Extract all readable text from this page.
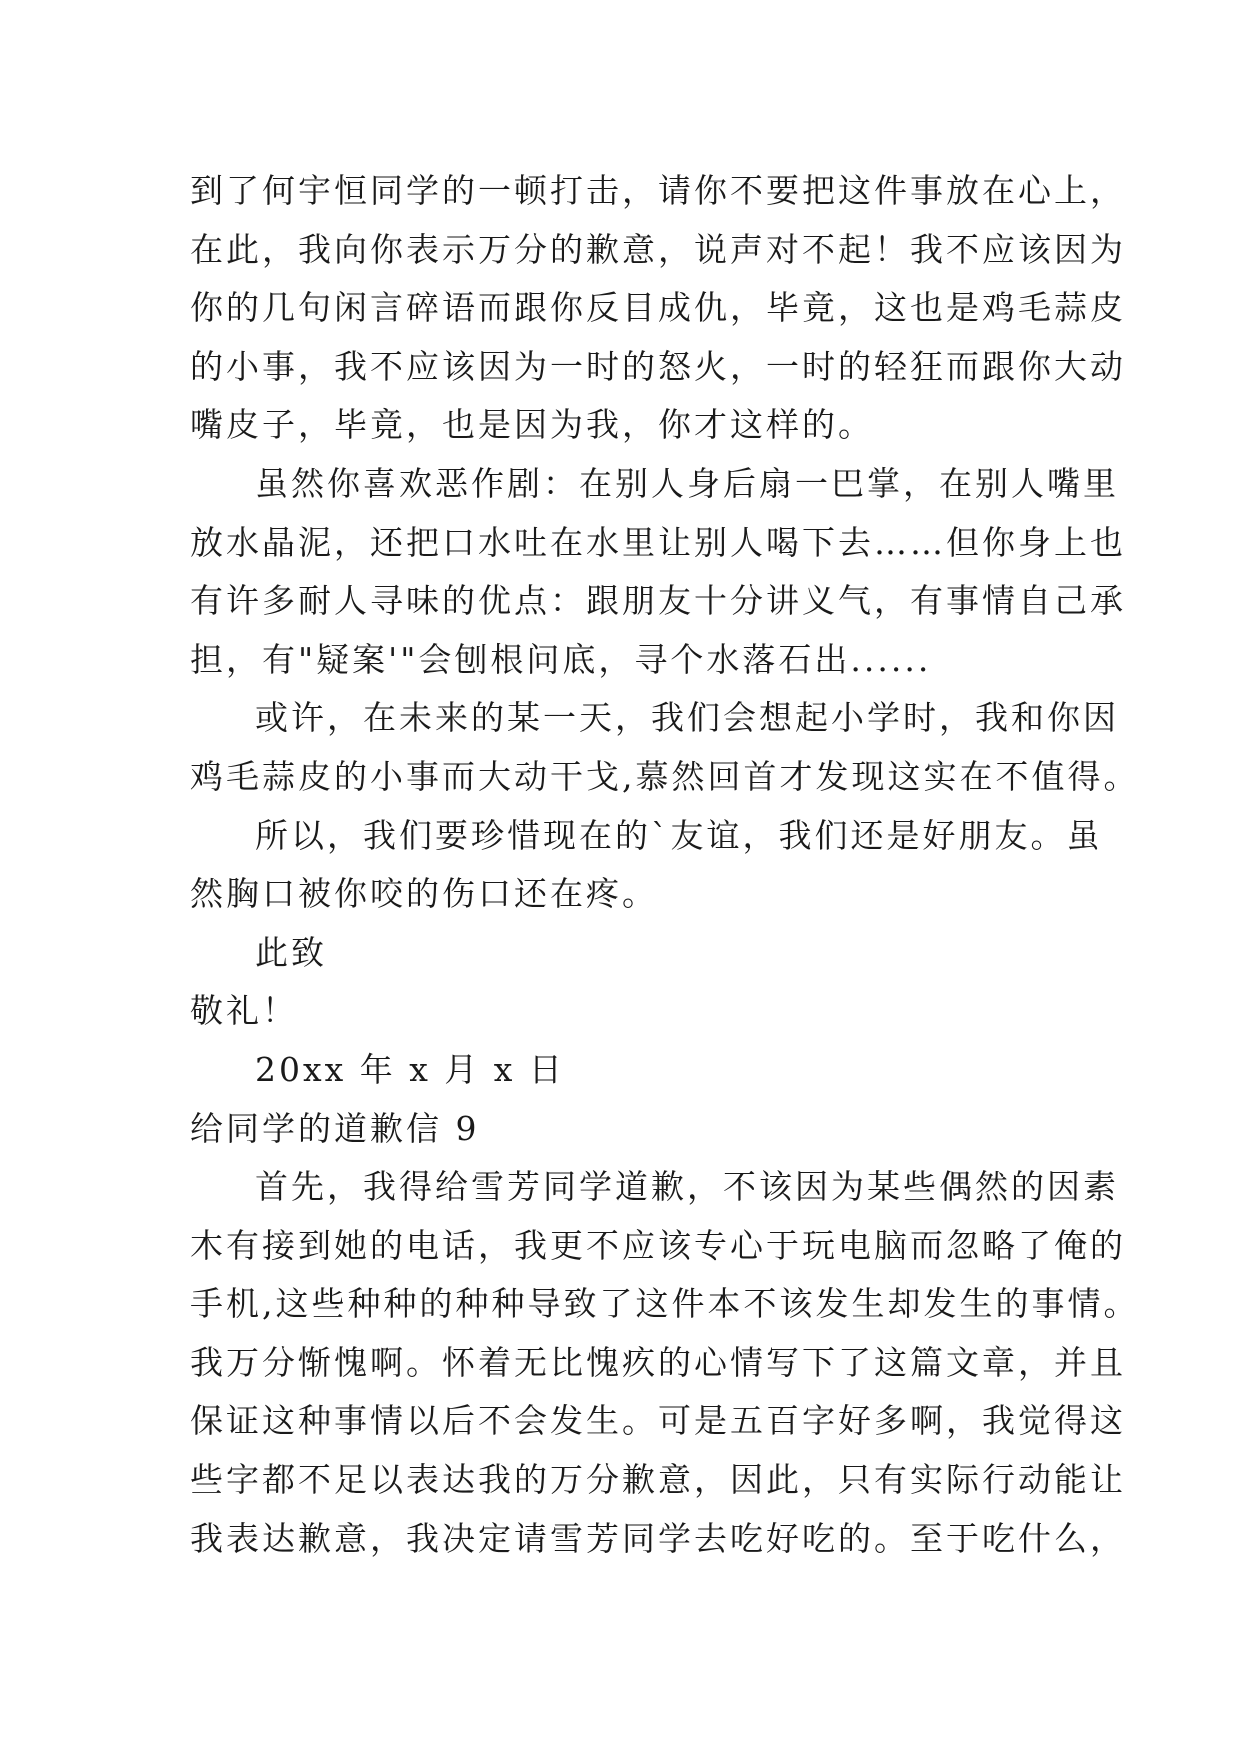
到了何宇恒同学的一顿打击，请你不要把这件事放在心上，
在此，我向你表示万分的歉意，说声对不起！我不应该因为
你的几句闲言碎语而跟你反目成仇，毕竟，这也是鸡毛蒜皮
的小事，我不应该因为一时的怒火，一时的轻狂而跟你大动
嘴皮子，毕竟，也是因为我，你才这样的。
虽然你喜欢恶作剧：在别人身后扇一巴掌，在别人嘴里
放水晶泥，还把口水吐在水里让别人喝下去……但你身上也
有许多耐人寻味的优点：跟朋友十分讲义气，有事情自己承
担，有"疑案'"会刨根问底，寻个水落石出......
或许，在未来的某一天，我们会想起小学时，我和你因
鸡毛蒜皮的小事而大动干戈,慕然回首才发现这实在不值得。
所以，我们要珍惜现在的`友谊，我们还是好朋友。虽
然胸口被你咬的伤口还在疼。
此致
敬礼！
20xx 年 x 月 x 日
给同学的道歉信 9
首先，我得给雪芳同学道歉，不该因为某些偶然的因素
木有接到她的电话，我更不应该专心于玩电脑而忽略了俺的
手机,这些种种的种种导致了这件本不该发生却发生的事情。
我万分惭愧啊。怀着无比愧疚的心情写下了这篇文章，并且
保证这种事情以后不会发生。可是五百字好多啊，我觉得这
些字都不足以表达我的万分歉意，因此，只有实际行动能让
我表达歉意，我决定请雪芳同学去吃好吃的。至于吃什么，
